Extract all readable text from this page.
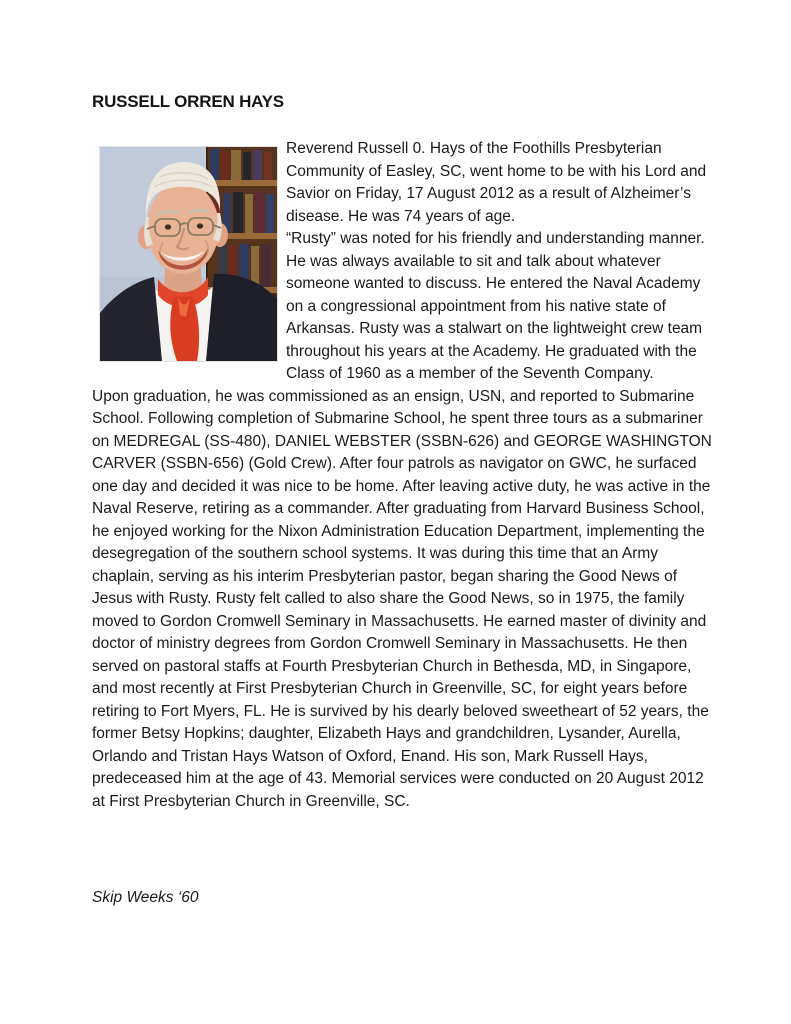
RUSSELL ORREN HAYS

Reverend Russell 0. Hays of the Foothills Presbyterian Community of Easley, SC, went home to be with his Lord and Savior on Friday, 17 August 2012 as a result of Alzheimer’s disease. He was 74 years of age.

“Rusty” was noted for his friendly and understanding manner. He was always available to sit and talk about whatever someone wanted to discuss. He entered the Naval Academy on a congressional appointment from his native state of Arkansas. Rusty was a stalwart on the lightweight crew team throughout his years at the Academy. He graduated with the Class of 1960 as a member of the Seventh Company.

Upon graduation, he was commissioned as an ensign, USN, and reported to Submarine School. Following completion of Submarine School, he spent three tours as a submariner on MEDREGAL (SS-480), DANIEL WEBSTER (SSBN-626) and GEORGE WASHINGTON CARVER (SSBN-656) (Gold Crew). After four patrols as navigator on GWC, he surfaced one day and decided it was nice to be home. After leaving active duty, he was active in the Naval Reserve, retiring as a commander. After graduating from Harvard Business School, he enjoyed working for the Nixon Administration Education Department, implementing the desegregation of the southern school systems. It was during this time that an Army chaplain, serving as his interim Presbyterian pastor, began sharing the Good News of Jesus with Rusty. Rusty felt called to also share the Good News, so in 1975, the family moved to Gordon Cromwell Seminary in Massachusetts. He earned master of divinity and doctor of ministry degrees from Gordon Cromwell Seminary in Massachusetts. He then served on pastoral staffs at Fourth Presbyterian Church in Bethesda, MD, in Singapore, and most recently at First Presbyterian Church in Greenville, SC, for eight years before retiring to Fort Myers, FL. He is survived by his dearly beloved sweetheart of 52 years, the former Betsy Hopkins; daughter, Elizabeth Hays and grandchildren, Lysander, Aurella, Orlando and Tristan Hays Watson of Oxford, Enand. His son, Mark Russell Hays, predeceased him at the age of 43. Memorial services were conducted on 20 August 2012 at First Presbyterian Church in Greenville, SC.

Skip Weeks ‘60
